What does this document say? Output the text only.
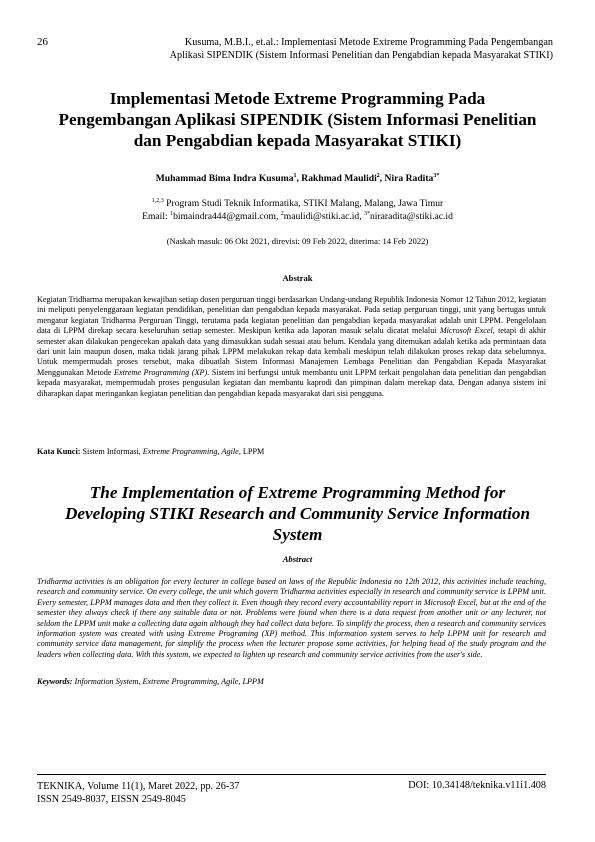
26	Kusuma, M.B.I., et.al.: Implementasi Metode Extreme Programming Pada Pengembangan
Aplikasi SIPENDIK (Sistem Informasi Penelitian dan Pengabdian kepada Masyarakat STIKI)
Implementasi Metode Extreme Programming Pada
Pengembangan Aplikasi SIPENDIK (Sistem Informasi Penelitian
dan Pengabdian kepada Masyarakat STIKI)
Muhammad Bima Indra Kusuma$^1$, Rakhmad Maulidi$^2$, Nira Radita$^{3*}$
$^{1,2,3}$ Program Studi Teknik Informatika, STIKI Malang, Malang, Jawa Timur
Email: $^1$bimaindra444@gmail.com, $^2$maulidi@stiki.ac.id, $^{3*}$niraradita@stiki.ac.id
(Naskah masuk: 06 Okt 2021, direvisi: 09 Feb 2022, diterima: 14 Feb 2022)
Abstrak
Kegiatan Tridharma merupakan kewajiban setiap dosen perguruan tinggi berdasarkan Undang-undang Republik Indonesia Nomor 12 Tahun 2012, kegiatan ini meliputi penyelenggaraan kegiatan pendidikan, penelitian dan pengabdian kepada masyarakat. Pada setiap perguruan tinggi, unit yang bertugas untuk mengatur kegiatan Tridharma Perguruan Tinggi, terutama pada kegiatan penelitian dan pengabdian kepada masyarakat adalah unit LPPM. Pengelolaan data di LPPM direkap secara keseluruhan setiap semester. Meskipun ketika ada laporan masuk selalu dicatat melalui Microsoft Excel, tetapi di akhir semester akan dilakukan pengecekan apakah data yang dimasukkan sudah sesuai atau belum. Kendala yang ditemukan adalah ketika ada permintaan data dari unit lain maupun dosen, maka tidak jarang pihak LPPM melakukan rekap data kembali meskipun telah dilakukan proses rekap data sebelumnya. Untuk mempermudah proses tersebut, maka dibuatlah Sistem Informasi Manajemen Lembaga Penelitian dan Pengabdian Kepada Masyarakat Menggunakan Metode Extreme Programming (XP). Sistem ini berfungsi untuk membantu unit LPPM terkait pengolahan data penelitian dan pengabdian kepada masyarakat, mempermudah proses pengusulan kegiatan dan membantu kaprodi dan pimpinan dalam merekap data. Dengan adanya sistem ini diharapkan dapat meringankan kegiatan penelitian dan pengabdian kepada masyarakat dari sisi pengguna.
Kata Kunci: Sistem Informasi, Extreme Programming, Agile, LPPM
The Implementation of Extreme Programming Method for
Developing STIKI Research and Community Service Information
System
Abstract
Tridharma activities is an obligation for every lecturer in college based on laws of the Republic Indonesia no 12th 2012, this activities include teaching, research and community service. On every college, the unit which govern Tridharma activities especially in research and community service is LPPM unit. Every semester, LPPM manages data and then they collect it. Even though they record every accountability report in Microsoft Excel, but at the end of the semester they always check if there any suitable data or not. Problems were found when there is a data request from another unit or any lecturer, not seldom the LPPM unit make a collecting data again although they had collect data before. To simplify the process, then a research and community services information system was created with using Extreme Programing (XP) method. This information system serves to help LPPM unit for research and community service data management, for simplify the process when the lecturer propose some activities, for helping head of the study program and the leaders when collecting data. With this system, we expected to lighten up research and community service activities from the user's side.
Keywords: Information System, Extreme Programming, Agile, LPPM
TEKNIKA, Volume 11(1), Maret 2022, pp. 26-37
ISSN 2549-8037, EISSN 2549-8045
DOI: 10.34148/teknika.v11i1.408
